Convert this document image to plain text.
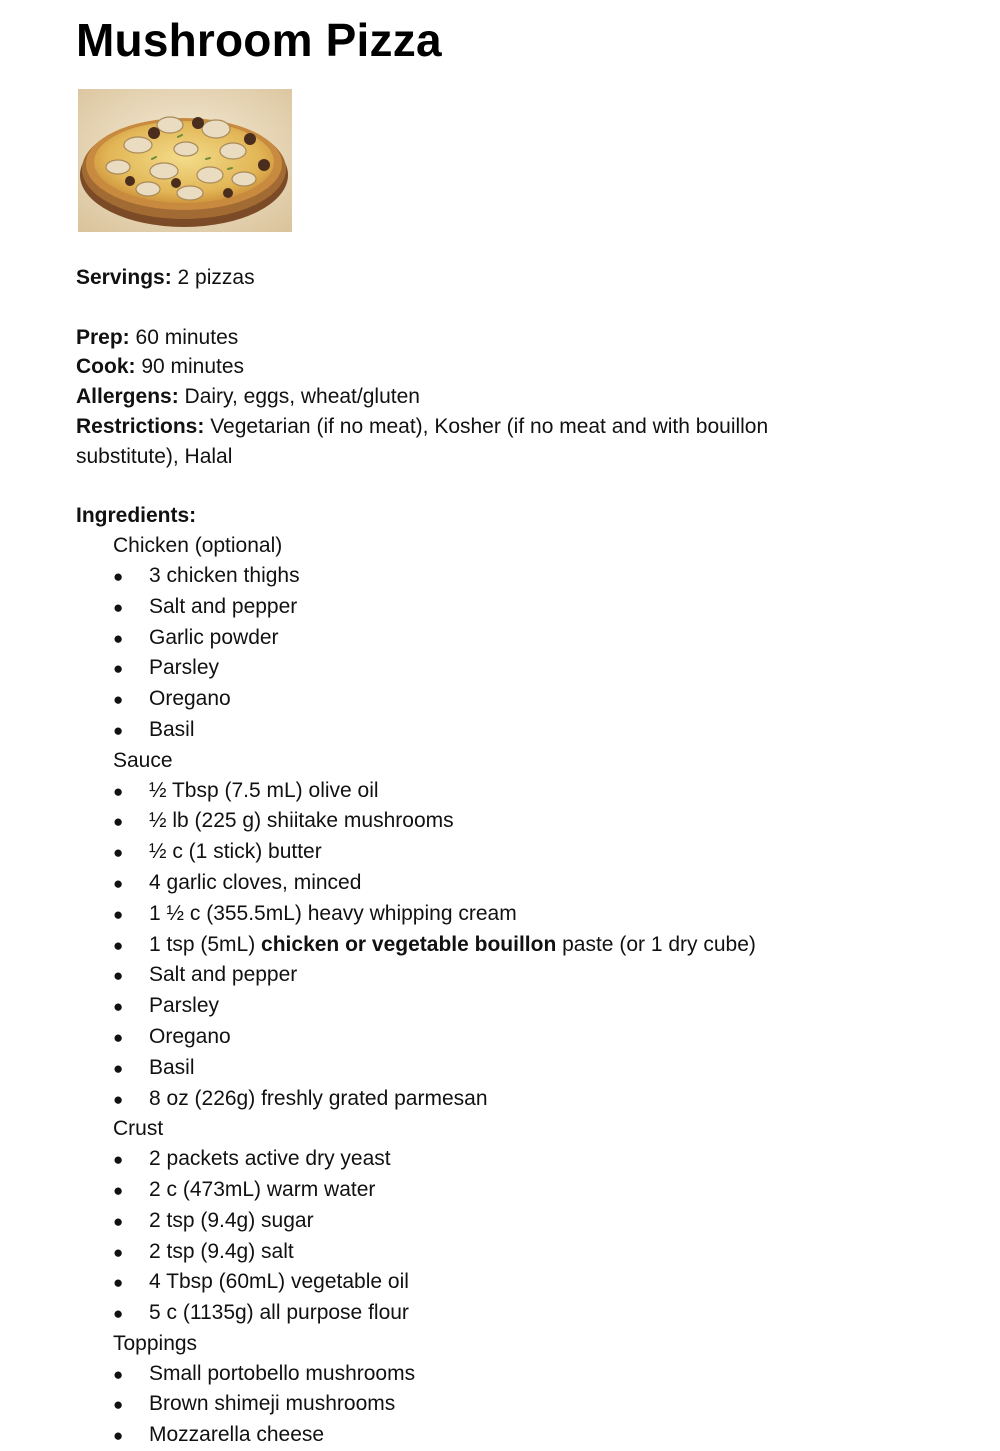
Mushroom Pizza
Servings: 2 pizzas
Prep: 60 minutes
Cook: 90 minutes
Allergens: Dairy, eggs, wheat/gluten
Restrictions: Vegetarian (if no meat), Kosher (if no meat and with bouillon
substitute), Halal
Ingredients:
Chicken (optional)
●	3 chicken thighs
●	Salt and pepper
●	Garlic powder
●	Parsley
●	Oregano
●	Basil
Sauce
●	½ Tbsp (7.5 mL) olive oil
●	½ lb (225 g) shiitake mushrooms
●	½ c (1 stick) butter
●	4 garlic cloves, minced
●	1 ½ c (355.5mL) heavy whipping cream
●	1 tsp (5mL) chicken or vegetable bouillon paste (or 1 dry cube)
●	Salt and pepper
●	Parsley
●	Oregano
●	Basil
●	8 oz (226g) freshly grated parmesan
Crust
●	2 packets active dry yeast
●	2 c (473mL) warm water
●	2 tsp (9.4g) sugar
●	2 tsp (9.4g) salt
●	4 Tbsp (60mL) vegetable oil
●	5 c (1135g) all purpose flour
Toppings
●	Small portobello mushrooms
●	Brown shimeji mushrooms
●	Mozzarella cheese
